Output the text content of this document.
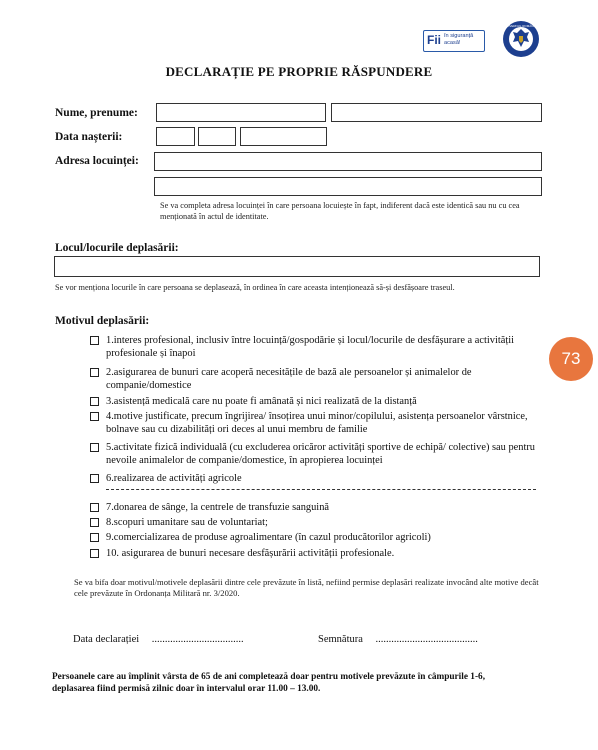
Fii în siguranță acasă!
GUVERNUL ROMÂNIEI
DECLARAȚIE PE PROPRIE RĂSPUNDERE
Nume, prenume:
Data nașterii:
Adresa locuinței:
Se va completa adresa locuinței în care persoana locuiește în fapt, indiferent dacă este identică sau nu cu cea menționată în actul de identitate.
Locul/locurile deplasării:
Se vor menționa locurile în care persoana se deplasează, în ordinea în care aceasta intenționează să-și desfășoare traseul.
Motivul deplasării:
1.interes profesional, inclusiv între locuință/gospodărie și locul/locurile de desfășurare a activității profesionale și înapoi
2.asigurarea de bunuri care acoperă necesitățile de bază ale persoanelor și animalelor de companie/domestice
3.asistență medicală care nu poate fi amânată și nici realizată de la distanță
4.motive justificate, precum îngrijirea/ însoțirea unui minor/copilului, asistența persoanelor vârstnice, bolnave sau cu dizabilități ori deces al unui membru de familie
5.activitate fizică individuală (cu excluderea oricăror activități sportive de echipă/ colective) sau pentru nevoile animalelor de companie/domestice, în apropierea locuinței
6.realizarea de activități agricole
7.donarea de sânge, la centrele de transfuzie sanguină
8.scopuri umanitare sau de voluntariat;
9.comercializarea de produse agroalimentare (în cazul producătorilor agricoli)
10. asigurarea de bunuri necesare desfășurării activității profesionale.
Se va bifa doar motivul/motivele deplasării dintre cele prevăzute în listă, nefiind permise deplasări realizate invocând alte motive decât cele prevăzute în Ordonanța Militară nr. 3/2020.
Data declarației ...................................	Semnătura .......................................
Persoanele care au împlinit vârsta de 65 de ani completează doar pentru motivele prevăzute în câmpurile 1-6, deplasarea fiind permisă zilnic doar în intervalul orar 11.00 – 13.00.
73
